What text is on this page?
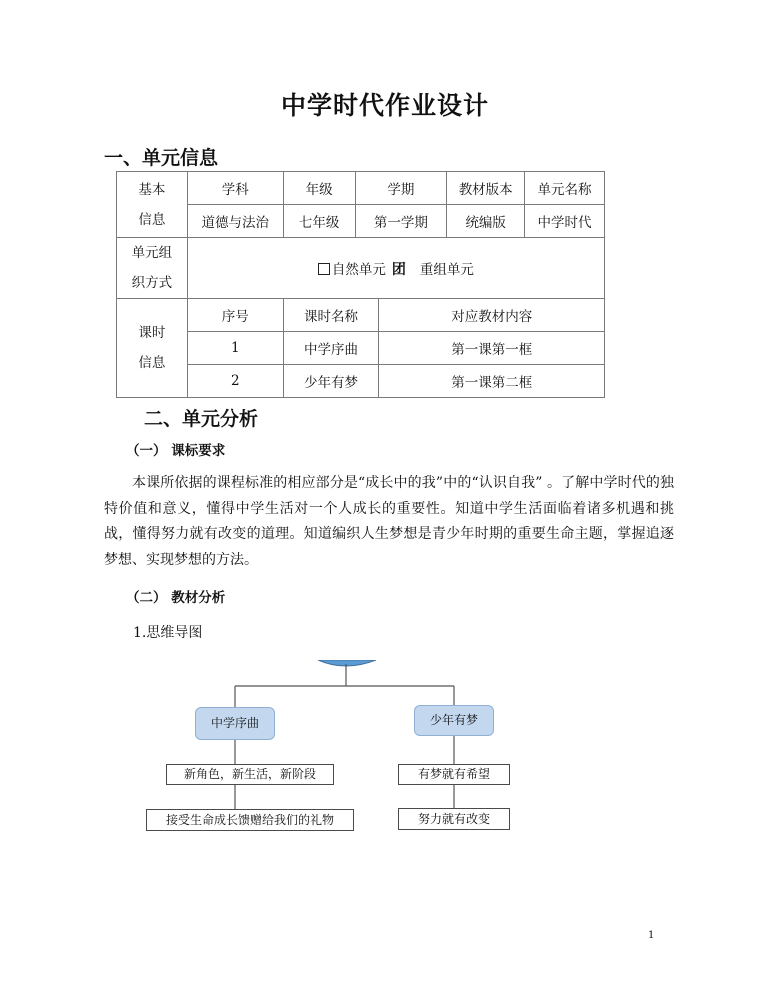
中学时代作业设计
一、单元信息
基本
信息	学科	年级	学期		教材版本	单元名称
	道德与法治	七年级	第一学期		统编版	中学时代

单元组
织方式	自然单元 团 重组单元					

课时
信息	序号	课时名称		对应教材内容		
	1	中学序曲		第一课第一框		
	2	少年有梦		第一课第二框		
二、单元分析
（一） 课标要求
本课所依据的课程标准的相应部分是“成长中的我”中的“认识自我” 。了解中学时代的独特价值和意义，懂得中学生活对一个人成长的重要性。知道中学生活面临着诸多机遇和挑战，懂得努力就有改变的道理。知道编织人生梦想是青少年时期的重要生命主题，掌握追逐梦想、实现梦想的方法。
（二） 教材分析
1.思维导图
中学序曲
新角色，新生活，新阶段
接受生命成长馈赠给我们的礼物
少年有梦
有梦就有希望
努力就有改变
1
